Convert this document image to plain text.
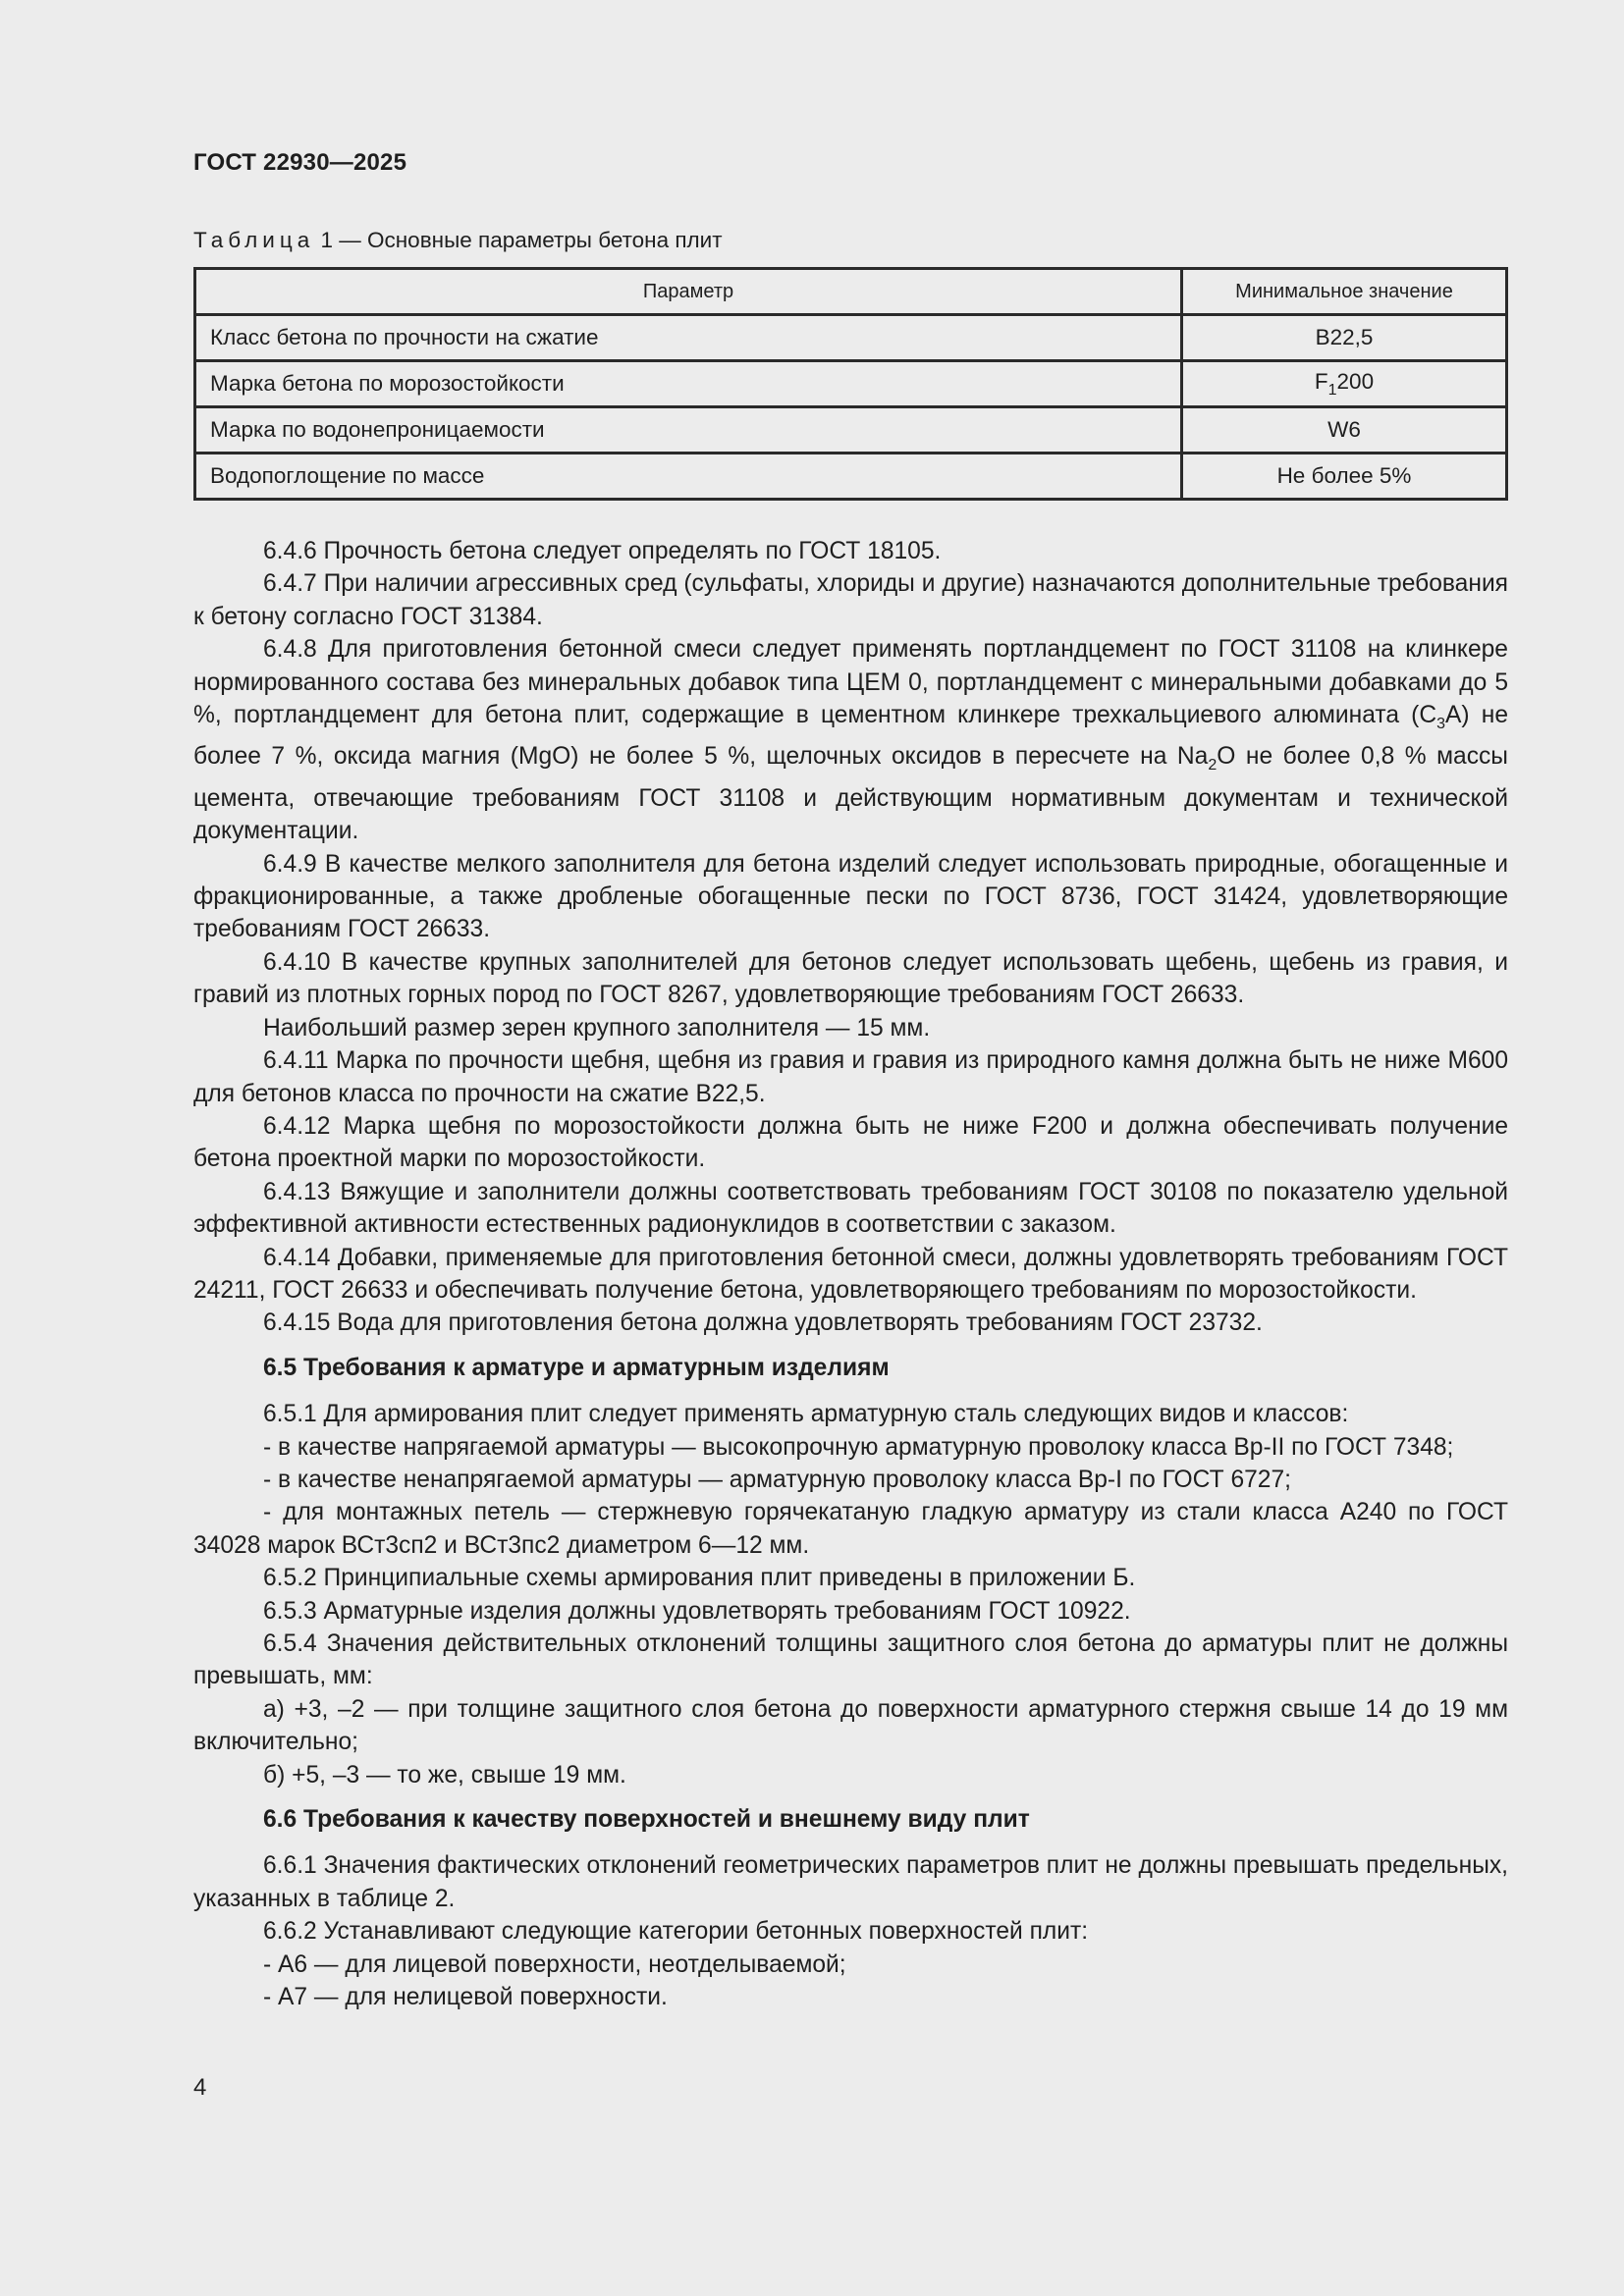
ГОСТ 22930—2025
Таблица 1 — Основные параметры бетона плит
Параметр	Минимальное значение
Класс бетона по прочности на сжатие	В22,5
Марка бетона по морозостойкости	$F_1200$
Марка по водонепроницаемости	W6
Водопоглощение по массе	Не более 5%

6.4.6 Прочность бетона следует определять по ГОСТ 18105.

6.4.7 При наличии агрессивных сред (сульфаты, хлориды и другие) назначаются дополнительные требования к бетону согласно ГОСТ 31384.

6.4.8 Для приготовления бетонной смеси следует применять портландцемент по ГОСТ 31108 на клинкере нормированного состава без минеральных добавок типа ЦЕМ 0, портландцемент с минеральными добавками до 5 %, портландцемент для бетона плит, содержащие в цементном клинкере трехкальциевого алюмината $(C_3A)$ не более 7 %, оксида магния (MgO) не более 5 %, щелочных оксидов в пересчете на $Na_2O$ не более 0,8 % массы цемента, отвечающие требованиям ГОСТ 31108 и действующим нормативным документам и технической документации.

6.4.9 В качестве мелкого заполнителя для бетона изделий следует использовать природные, обогащенные и фракционированные, а также дробленые обогащенные пески по ГОСТ 8736, ГОСТ 31424, удовлетворяющие требованиям ГОСТ 26633.

6.4.10 В качестве крупных заполнителей для бетонов следует использовать щебень, щебень из гравия, и гравий из плотных горных пород по ГОСТ 8267, удовлетворяющие требованиям ГОСТ 26633.

Наибольший размер зерен крупного заполнителя — 15 мм.

6.4.11 Марка по прочности щебня, щебня из гравия и гравия из природного камня должна быть не ниже М600 для бетонов класса по прочности на сжатие В22,5.

6.4.12 Марка щебня по морозостойкости должна быть не ниже F200 и должна обеспечивать получение бетона проектной марки по морозостойкости.

6.4.13 Вяжущие и заполнители должны соответствовать требованиям ГОСТ 30108 по показателю удельной эффективной активности естественных радионуклидов в соответствии с заказом.

6.4.14 Добавки, применяемые для приготовления бетонной смеси, должны удовлетворять требованиям ГОСТ 24211, ГОСТ 26633 и обеспечивать получение бетона, удовлетворяющего требованиям по морозостойкости.

6.4.15 Вода для приготовления бетона должна удовлетворять требованиям ГОСТ 23732.

6.5 Требования к арматуре и арматурным изделиям

6.5.1 Для армирования плит следует применять арматурную сталь следующих видов и классов:

- в качестве напрягаемой арматуры — высокопрочную арматурную проволоку класса Вр-II по ГОСТ 7348;

- в качестве ненапрягаемой арматуры — арматурную проволоку класса Вр-I по ГОСТ 6727;

- для монтажных петель — стержневую горячекатаную гладкую арматуру из стали класса А240 по ГОСТ 34028 марок ВСт3сп2 и ВСт3пс2 диаметром 6—12 мм.

6.5.2 Принципиальные схемы армирования плит приведены в приложении Б.

6.5.3 Арматурные изделия должны удовлетворять требованиям ГОСТ 10922.

6.5.4 Значения действительных отклонений толщины защитного слоя бетона до арматуры плит не должны превышать, мм:

а) +3, –2 — при толщине защитного слоя бетона до поверхности арматурного стержня свыше 14 до 19 мм включительно;

б) +5, –3 — то же, свыше 19 мм.

6.6 Требования к качеству поверхностей и внешнему виду плит

6.6.1 Значения фактических отклонений геометрических параметров плит не должны превышать предельных, указанных в таблице 2.

6.6.2 Устанавливают следующие категории бетонных поверхностей плит:

- А6 — для лицевой поверхности, неотделываемой;

- А7 — для нелицевой поверхности.

4
